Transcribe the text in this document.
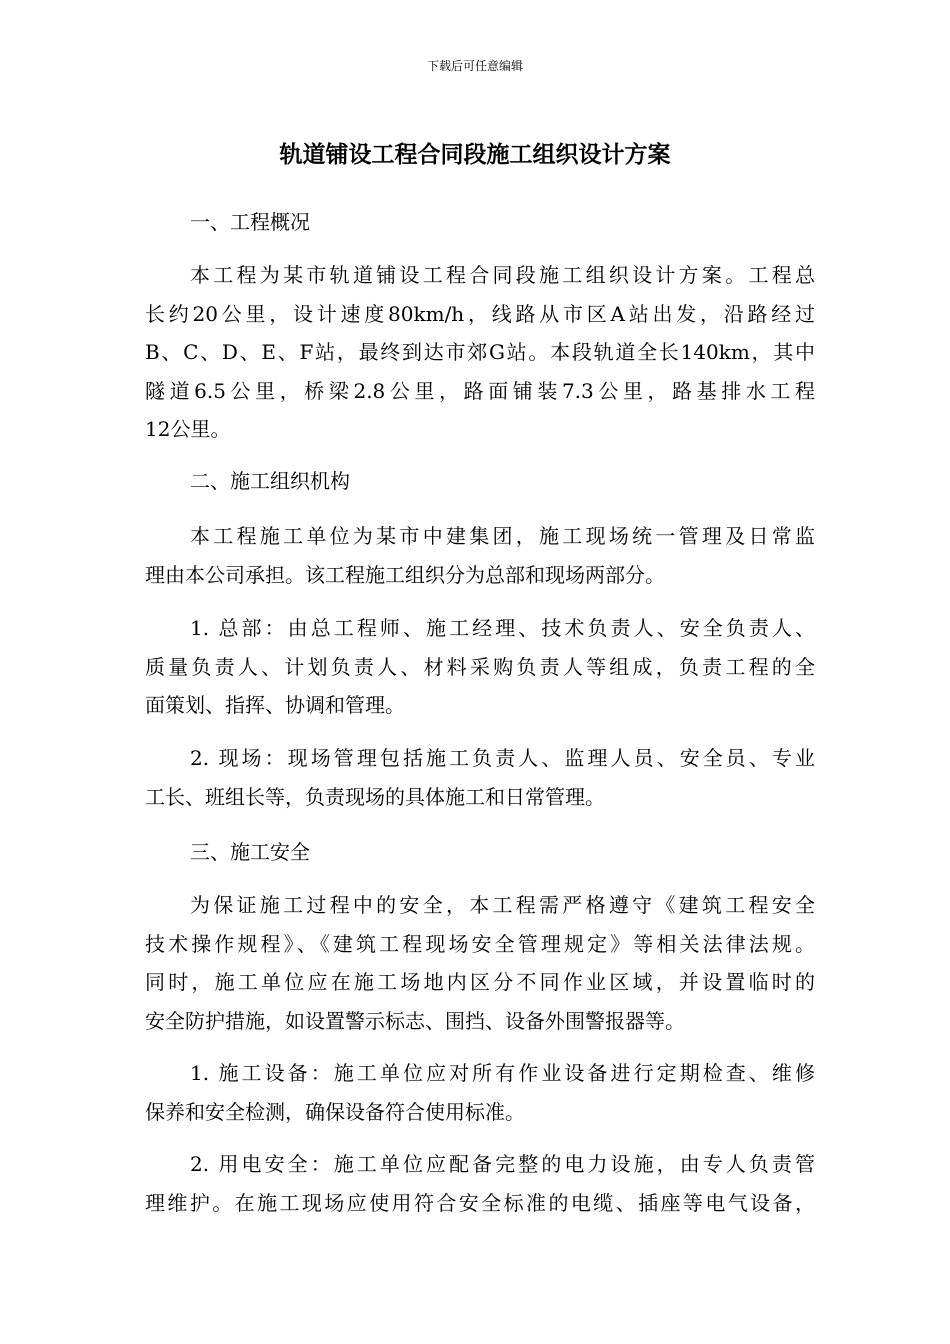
下载后可任意编辑
轨道铺设工程合同段施工组织设计方案
一、工程概况
本工程为某市轨道铺设工程合同段施工组织设计方案。工程总
长约20公里，设计速度80km/h，线路从市区A站出发，沿路经过
B、C、D、E、F站，最终到达市郊G站。本段轨道全长140km，其中
隧道6.5公里，桥梁2.8公里，路面铺装7.3公里，路基排水工程
12公里。
二、施工组织机构
本工程施工单位为某市中建集团，施工现场统一管理及日常监
理由本公司承担。该工程施工组织分为总部和现场两部分。
1. 总部：由总工程师、施工经理、技术负责人、安全负责人、
质量负责人、计划负责人、材料采购负责人等组成，负责工程的全
面策划、指挥、协调和管理。
2. 现场：现场管理包括施工负责人、监理人员、安全员、专业
工长、班组长等，负责现场的具体施工和日常管理。
三、施工安全
为保证施工过程中的安全，本工程需严格遵守《建筑工程安全
技术操作规程》、《建筑工程现场安全管理规定》等相关法律法规。
同时，施工单位应在施工场地内区分不同作业区域，并设置临时的
安全防护措施，如设置警示标志、围挡、设备外围警报器等。
1. 施工设备：施工单位应对所有作业设备进行定期检查、维修
保养和安全检测，确保设备符合使用标准。
2. 用电安全：施工单位应配备完整的电力设施，由专人负责管
理维护。在施工现场应使用符合安全标准的电缆、插座等电气设备，
